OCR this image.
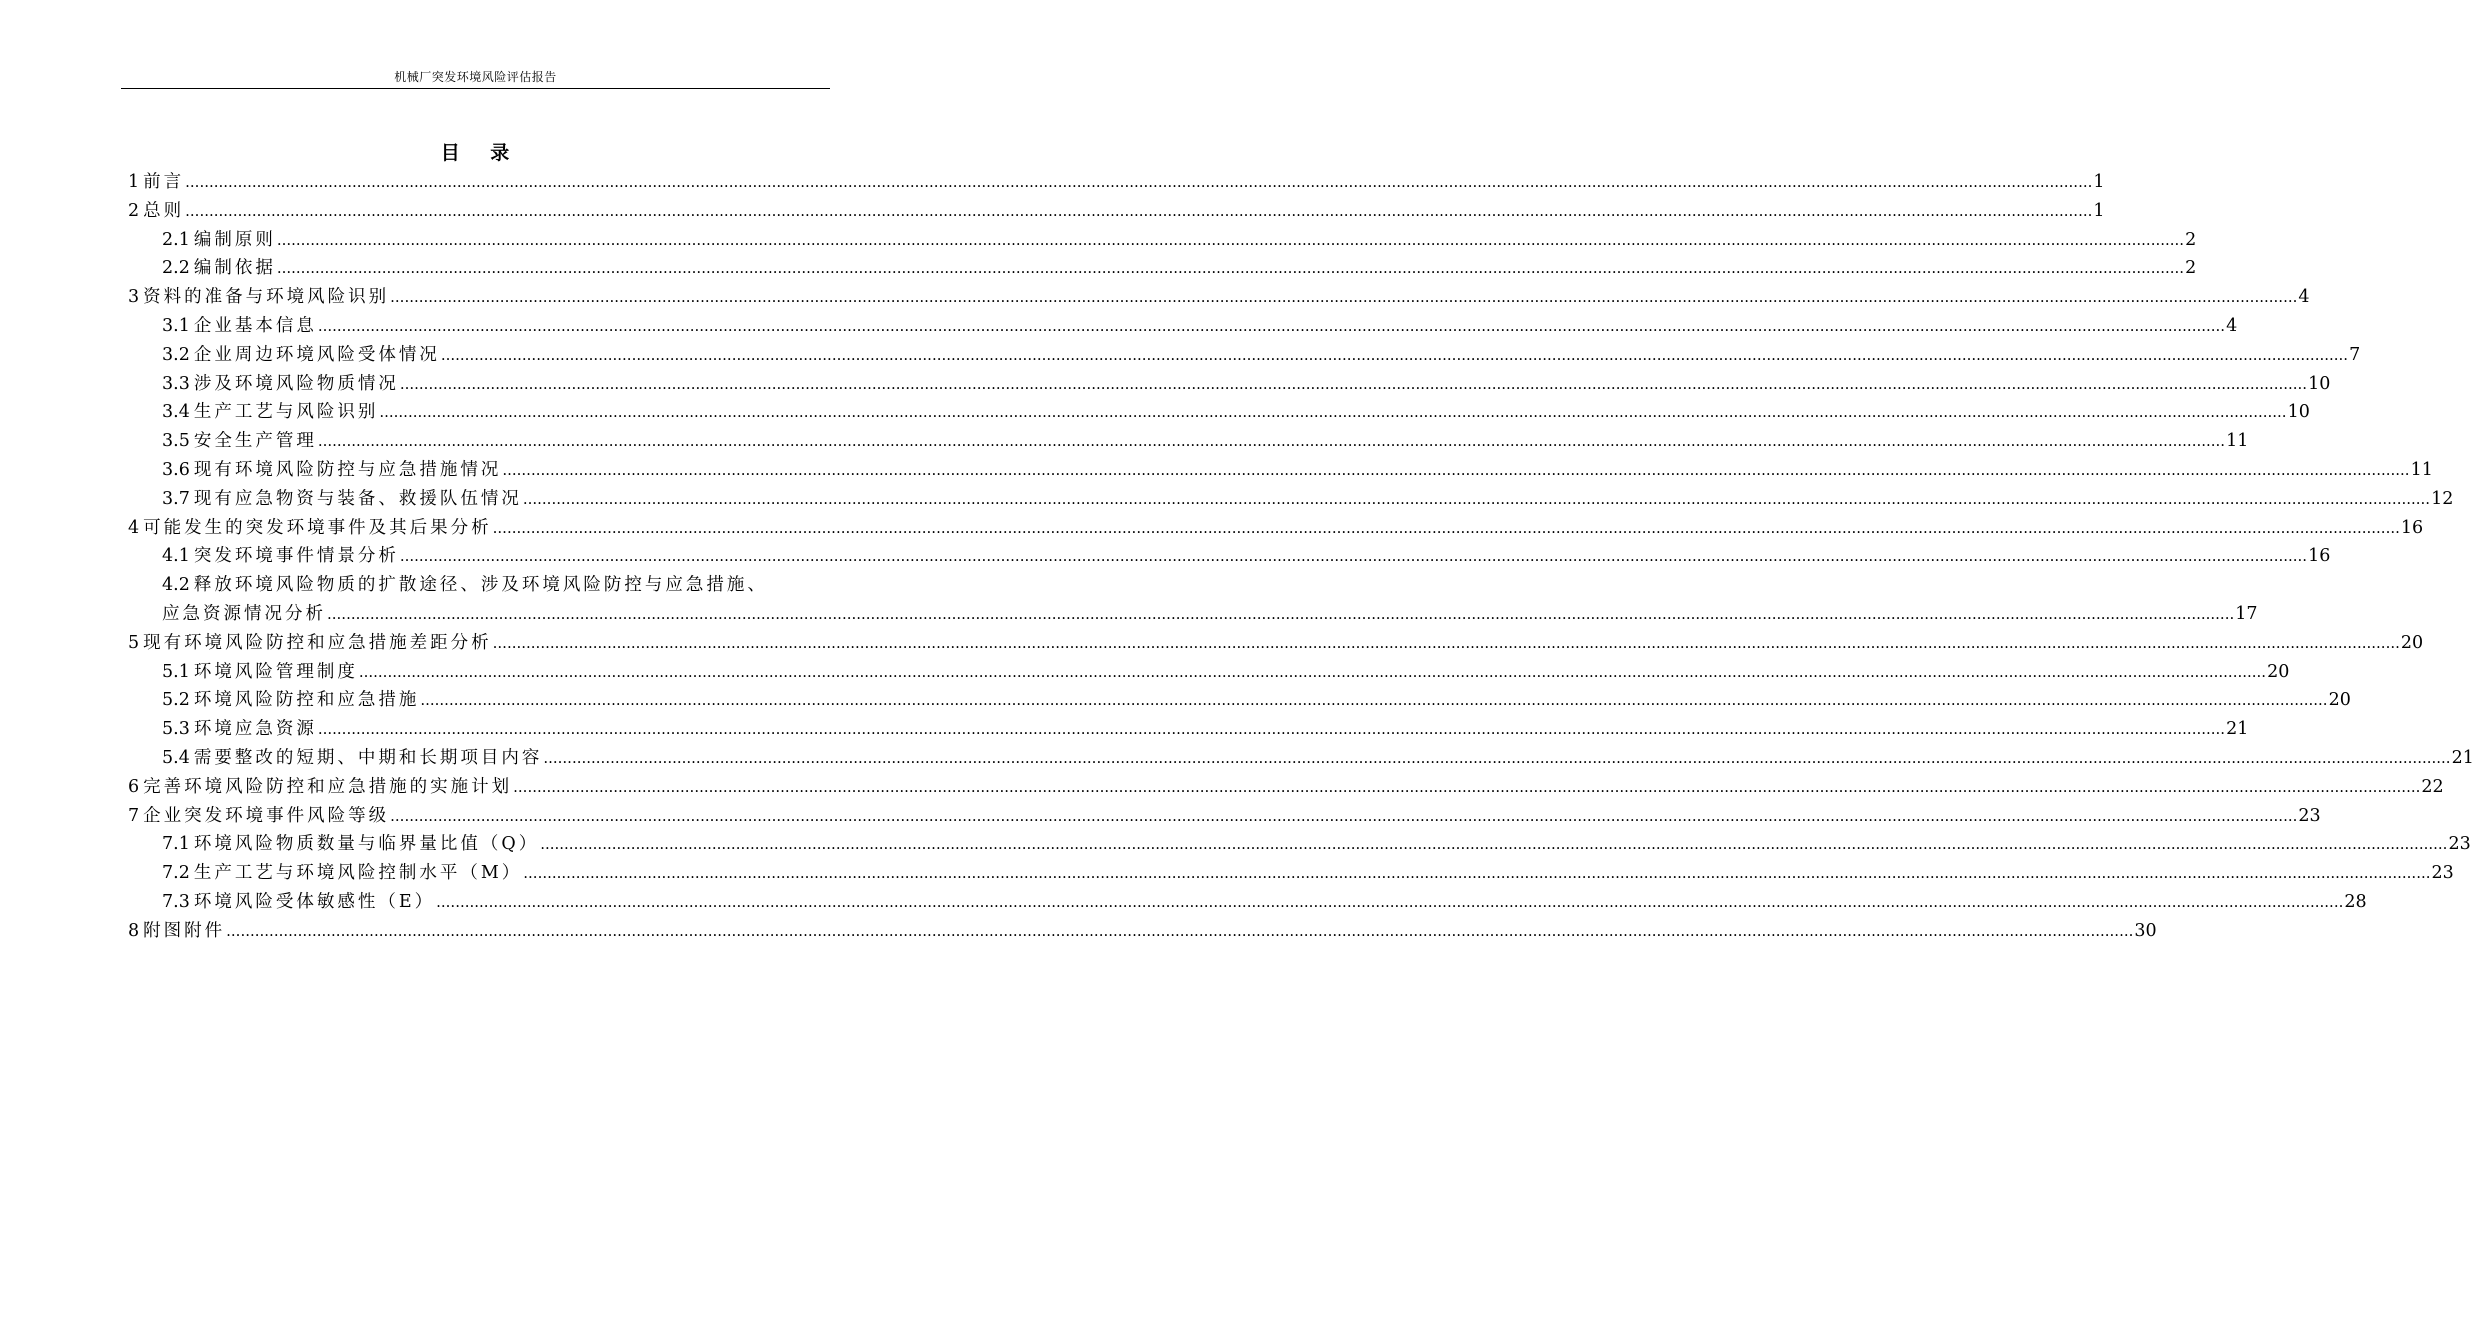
机械厂突发环境风险评估报告
目 录
1 前言 ................................................................................................................................................................................................................................................................................................................................................................................................................ 1
2 总则 ................................................................................................................................................................................................................................................................................................................................................................................................................ 1
2.1 编制原则 ................................................................................................................................................................................................................................................................................................................................................................................................................ 2
2.2 编制依据 ................................................................................................................................................................................................................................................................................................................................................................................................................ 2
3 资料的准备与环境风险识别 ................................................................................................................................................................................................................................................................................................................................................................................................................ 4
3.1 企业基本信息 ................................................................................................................................................................................................................................................................................................................................................................................................................ 4
3.2 企业周边环境风险受体情况 ................................................................................................................................................................................................................................................................................................................................................................................................................ 7
3.3 涉及环境风险物质情况 ................................................................................................................................................................................................................................................................................................................................................................................................................ 10
3.4 生产工艺与风险识别 ................................................................................................................................................................................................................................................................................................................................................................................................................ 10
3.5 安全生产管理 ................................................................................................................................................................................................................................................................................................................................................................................................................ 11
3.6 现有环境风险防控与应急措施情况 ................................................................................................................................................................................................................................................................................................................................................................................................................ 11
3.7 现有应急物资与装备、救援队伍情况 ................................................................................................................................................................................................................................................................................................................................................................................................................ 12
4 可能发生的突发环境事件及其后果分析 ................................................................................................................................................................................................................................................................................................................................................................................................................ 16
4.1 突发环境事件情景分析 ................................................................................................................................................................................................................................................................................................................................................................................................................ 16
4.2 释放环境风险物质的扩散途径、涉及环境风险防控与应急措施、
应急资源情况分析 ................................................................................................................................................................................................................................................................................................................................................................................................................ 17
5 现有环境风险防控和应急措施差距分析 ................................................................................................................................................................................................................................................................................................................................................................................................................ 20
5.1 环境风险管理制度 ................................................................................................................................................................................................................................................................................................................................................................................................................ 20
5.2 环境风险防控和应急措施 ................................................................................................................................................................................................................................................................................................................................................................................................................ 20
5.3 环境应急资源 ................................................................................................................................................................................................................................................................................................................................................................................................................ 21
5.4 需要整改的短期、中期和长期项目内容 ................................................................................................................................................................................................................................................................................................................................................................................................................ 21
6 完善环境风险防控和应急措施的实施计划 ................................................................................................................................................................................................................................................................................................................................................................................................................ 22
7 企业突发环境事件风险等级 ................................................................................................................................................................................................................................................................................................................................................................................................................ 23
7.1 环境风险物质数量与临界量比值（Q） ................................................................................................................................................................................................................................................................................................................................................................................................................ 23
7.2 生产工艺与环境风险控制水平（M） ................................................................................................................................................................................................................................................................................................................................................................................................................ 23
7.3 环境风险受体敏感性（E） ................................................................................................................................................................................................................................................................................................................................................................................................................ 28
8 附图附件 ................................................................................................................................................................................................................................................................................................................................................................................................................ 30
